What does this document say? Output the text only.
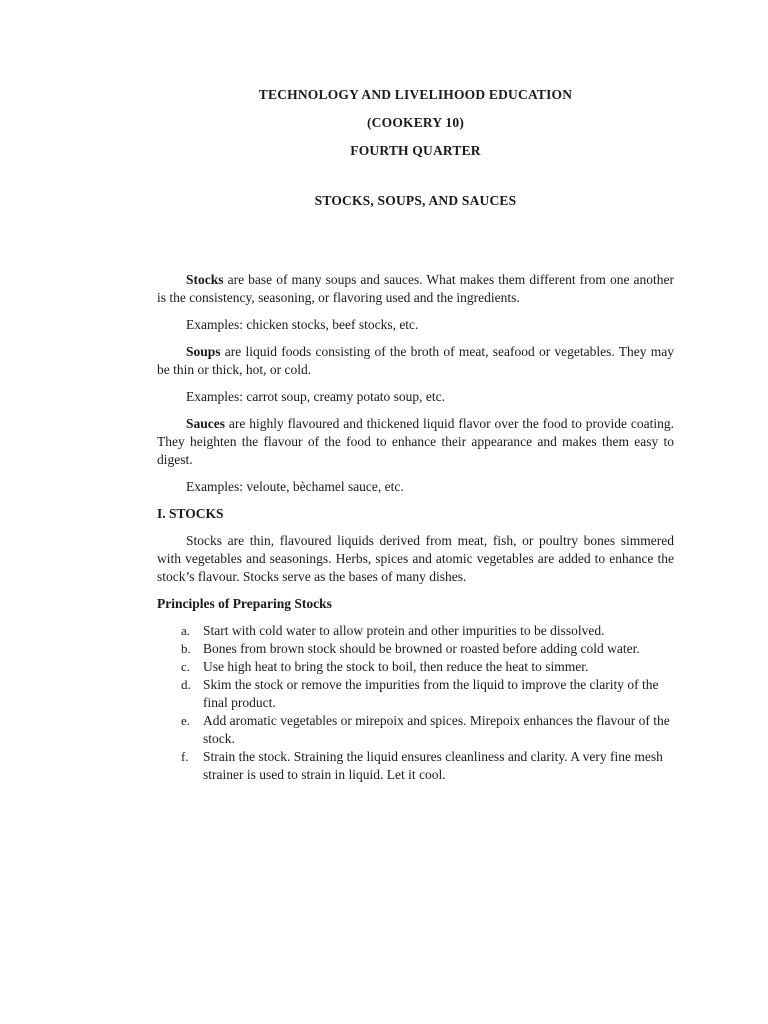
TECHNOLOGY AND LIVELIHOOD EDUCATION

(COOKERY 10)

FOURTH QUARTER

STOCKS, SOUPS, AND SAUCES

Stocks are base of many soups and sauces. What makes them different from one another is the consistency, seasoning, or flavoring used and the ingredients.

Examples: chicken stocks, beef stocks, etc.

Soups are liquid foods consisting of the broth of meat, seafood or vegetables. They may be thin or thick, hot, or cold.

Examples: carrot soup, creamy potato soup, etc.

Sauces are highly flavoured and thickened liquid flavor over the food to provide coating. They heighten the flavour of the food to enhance their appearance and makes them easy to digest.

Examples: veloute, bèchamel sauce, etc.

I. STOCKS

Stocks are thin, flavoured liquids derived from meat, fish, or poultry bones simmered with vegetables and seasonings. Herbs, spices and atomic vegetables are added to enhance the stock’s flavour. Stocks serve as the bases of many dishes.

Principles of Preparing Stocks

a. Start with cold water to allow protein and other impurities to be dissolved.
b. Bones from brown stock should be browned or roasted before adding cold water.
c. Use high heat to bring the stock to boil, then reduce the heat to simmer.
d. Skim the stock or remove the impurities from the liquid to improve the clarity of the final product.
e. Add aromatic vegetables or mirepoix and spices. Mirepoix enhances the flavour of the stock.
f. Strain the stock. Straining the liquid ensures cleanliness and clarity. A very fine mesh strainer is used to strain in liquid. Let it cool.
